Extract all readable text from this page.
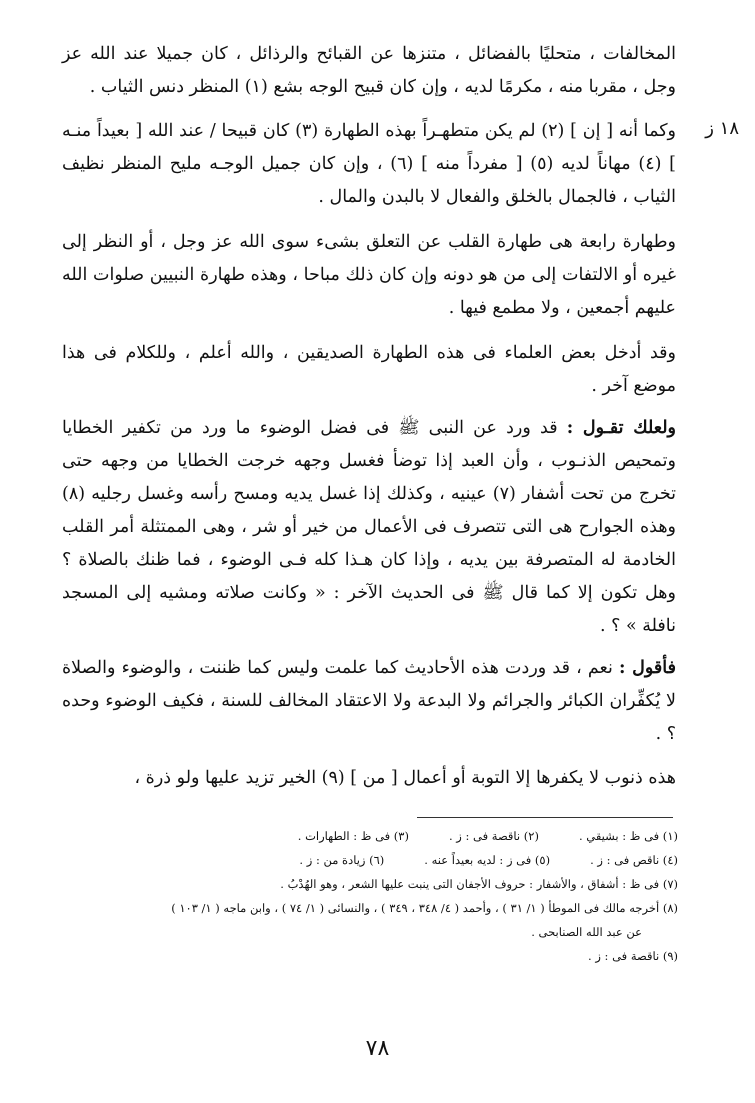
١٨ ز

المخالفات ، متحليًا بالفضائل ، متنزها عن القبائح والرذائل ، كان جميلا عند الله عز وجل ، مقربا منه ، مكرمًا لديه ، وإن كان قبيح الوجه بشع (١) المنظر دنس الثياب .

وكما أنه [ إن ] (٢) لم يكن متطهـراً بهذه الطهارة (٣) كان قبيحا / عند الله [ بعيداً منـه ] (٤) مهاناً لديه (٥) [ مفرداً منه ] (٦) ، وإن كان جميل الوجـه مليح المنظر نظيف الثياب ، فالجمال بالخلق والفعال لا بالبدن والمال .

وطهارة رابعة هى طهارة القلب عن التعلق بشىء سوى الله عز وجل ، أو النظر إلى غيره أو الالتفات إلى من هو دونه وإن كان ذلك مباحا ، وهذه طهارة النبيين صلوات الله عليهم أجمعين ، ولا مطمع فيها .

وقد أدخل بعض العلماء فى هذه الطهارة الصديقين ، والله أعلم ، وللكلام فى هذا موضع آخر .

ولعلك تقـول : قد ورد عن النبى ﷺ فى فضل الوضوء ما ورد من تكفير الخطايا وتمحيص الذنـوب ، وأن العبد إذا توضأ فغسل وجهه خرجت الخطايا من وجهه حتى تخرج من تحت أشفار (٧) عينيه ، وكذلك إذا غسل يديه ومسح رأسه وغسل رجليه (٨) وهذه الجوارح هى التى تتصرف فى الأعمال من خير أو شر ، وهى الممتثلة أمر القلب الخادمة له المتصرفة بين يديه ، وإذا كان هـذا كله فـى الوضوء ، فما ظنك بالصلاة ؟ وهل تكون إلا كما قال ﷺ فى الحديث الآخر : « وكانت صلاته ومشيه إلى المسجد نافلة » ؟ .

فأقول : نعم ، قد وردت هذه الأحاديث كما علمت وليس كما ظننت ، والوضوء والصلاة لا يُكفِّران الكبائر والجرائم ولا البدعة ولا الاعتقاد المخالف للسنة ، فكيف الوضوء وحده ؟ .

هذه ذنوب لا يكفرها إلا التوبة أو أعمال [ من ] (٩) الخير تزيد عليها ولو ذرة ،

(١) فى ظ : بشيقي .
(٢) ناقصة فى : ز .
(٣) فى ظ : الطهارات .
(٤) ناقص فى : ز .
(٥) فى ز : لديه بعيداً عنه .
(٦) زيادة من : ز .
(٧) فى ظ : أشفاق ، والأشفار : حروف الأجفان التى ينبت عليها الشعر ، وهو الهُدْبُ .
(٨) أخرجه مالك فى الموطأ ( ١/ ٣١ ) ، وأحمد ( ٤/ ٣٤٨ ، ٣٤٩ ) ، والنسائى ( ١/ ٧٤ ) ، وابن ماجه ( ١/ ١٠٣ )
عن عبد الله الصنابحى .
(٩) ناقصة فى : ز .
٧٨
